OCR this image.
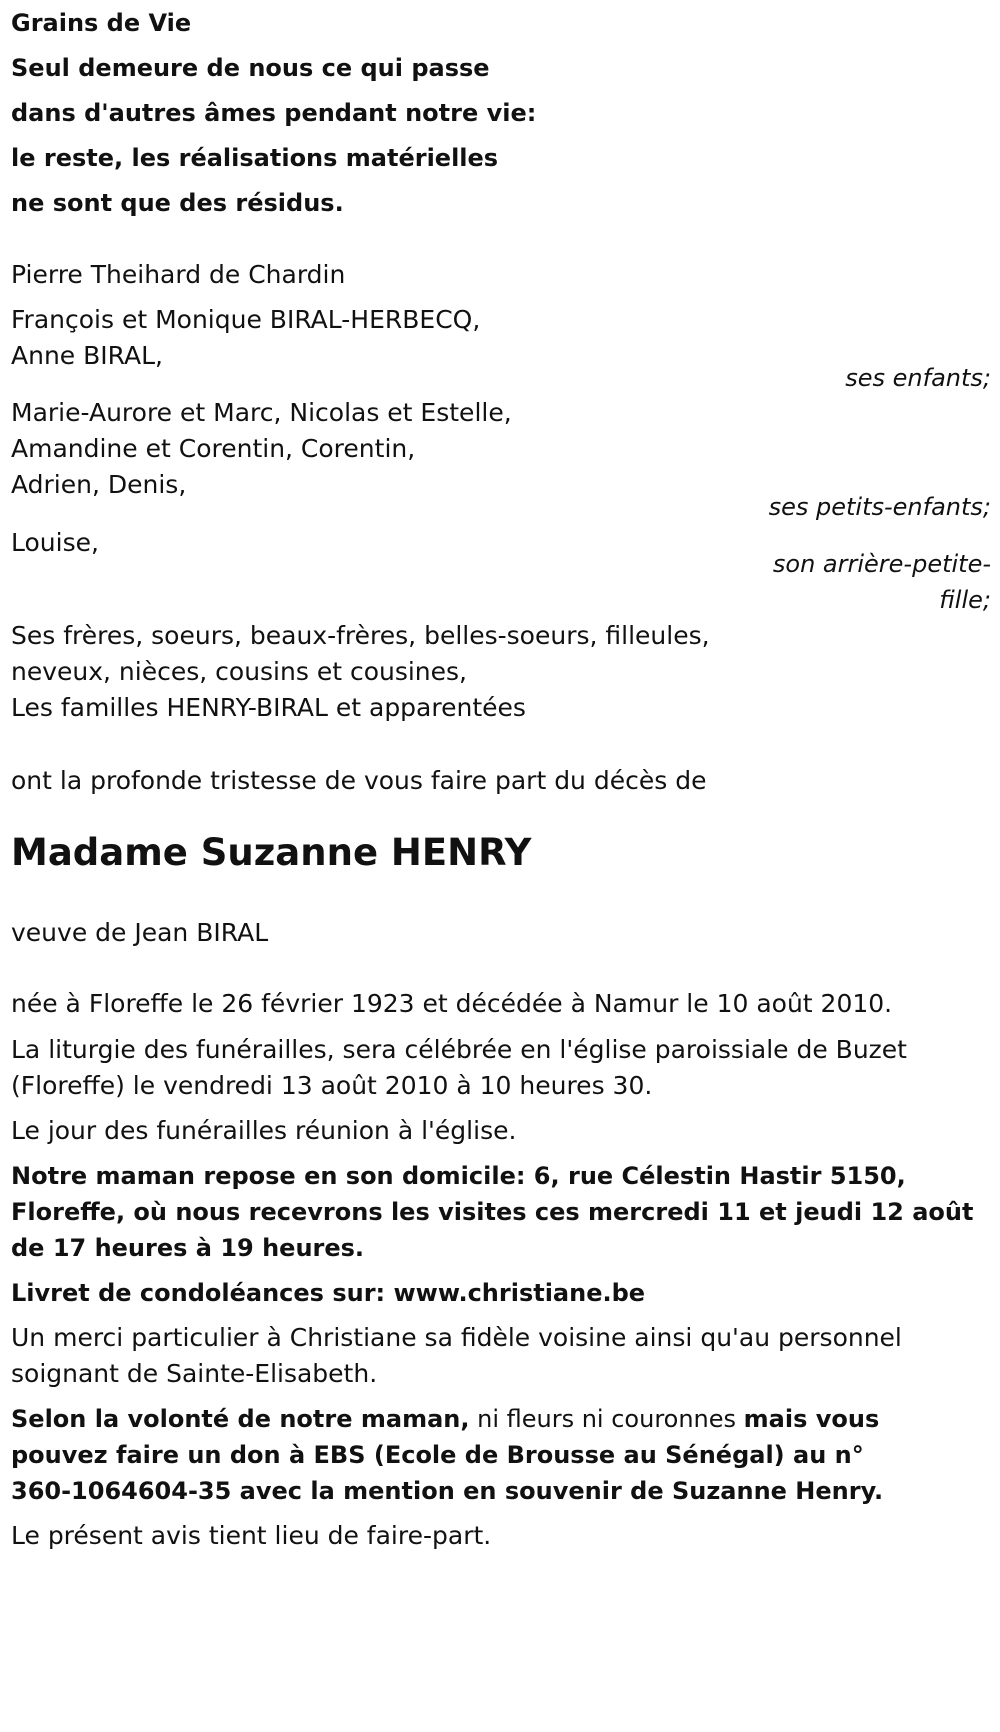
Grains de Vie
Seul demeure de nous ce qui passe
dans d'autres âmes pendant notre vie:
le reste, les réalisations matérielles
ne sont que des résidus.
Pierre Theihard de Chardin
François et Monique BIRAL-HERBECQ,
Anne BIRAL,
ses enfants;
Marie-Aurore et Marc, Nicolas et Estelle,
Amandine et Corentin, Corentin,
Adrien, Denis,
ses petits-enfants;
Louise,
son arrière-petite-
fille;
Ses frères, soeurs, beaux-frères, belles-soeurs, filleules,
neveux, nièces, cousins et cousines,
Les familles HENRY-BIRAL et apparentées
ont la profonde tristesse de vous faire part du décès de
Madame Suzanne HENRY
veuve de Jean BIRAL
née à Floreffe le 26 février 1923 et décédée à Namur le 10 août 2010.
La liturgie des funérailles, sera célébrée en l'église paroissiale de Buzet
(Floreffe) le vendredi 13 août 2010 à 10 heures 30.
Le jour des funérailles réunion à l'église.
Notre maman repose en son domicile: 6, rue Célestin Hastir 5150,
Floreffe, où nous recevrons les visites ces mercredi 11 et jeudi 12 août
de 17 heures à 19 heures.
Livret de condoléances sur: www.christiane.be
Un merci particulier à Christiane sa fidèle voisine ainsi qu'au personnel
soignant de Sainte-Elisabeth.
Selon la volonté de notre maman, ni fleurs ni couronnes mais vous
pouvez faire un don à EBS (Ecole de Brousse au Sénégal) au n°
360-1064604-35 avec la mention en souvenir de Suzanne Henry.
Le présent avis tient lieu de faire-part.
